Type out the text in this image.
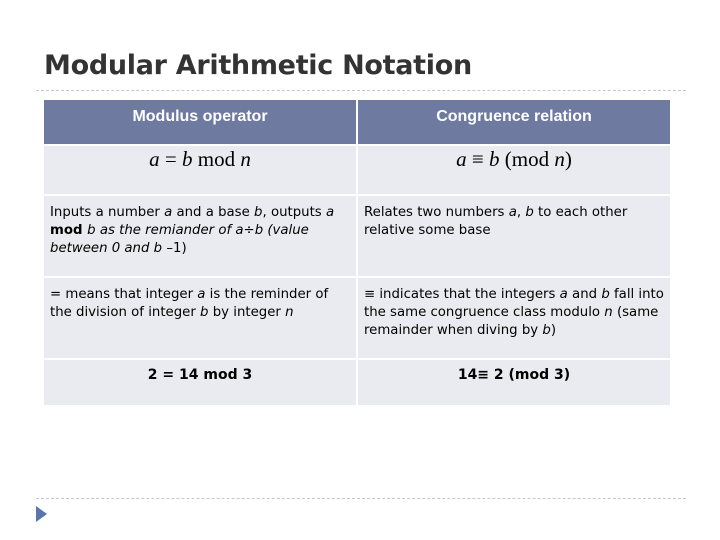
Modular Arithmetic Notation
Modulus operator	Congruence relation
a = b mod n	a ≡ b (mod n)
Inputs a number a and a base b, outputs a mod b as the remiander of a÷b (value between 0 and b –1)	Relates two numbers a, b to each other relative some base
= means that integer a is the reminder of the division of integer b by integer n	≡ indicates that the integers a and b fall into the same congruence class modulo n (same remainder when diving by b)
2 = 14 mod 3	14≡ 2 (mod 3)
